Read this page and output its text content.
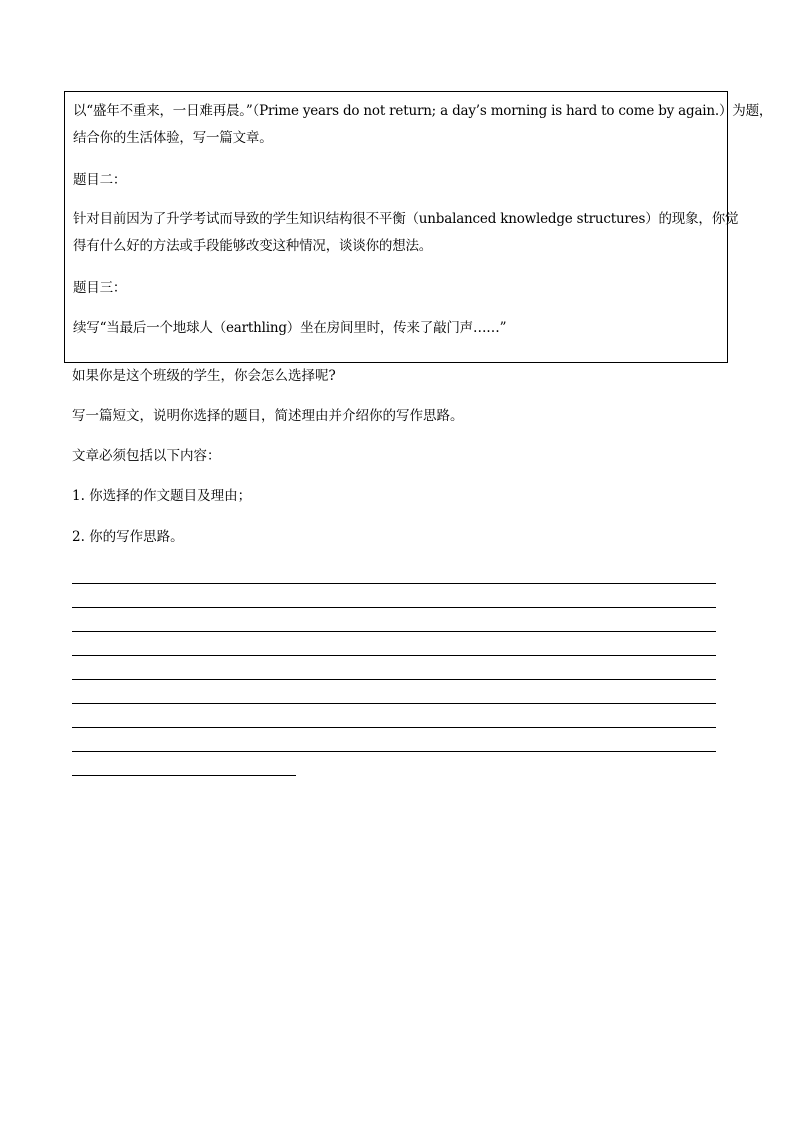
以“盛年不重来，一日难再晨。”（Prime years do not return; a day’s morning is hard to come by again.）为题，
结合你的生活体验，写一篇文章。
题目二：
针对目前因为了升学考试而导致的学生知识结构很不平衡（unbalanced knowledge structures）的现象，你觉
得有什么好的方法或手段能够改变这种情况，谈谈你的想法。
题目三：
续写“当最后一个地球人（earthling）坐在房间里时，传来了敲门声……”
如果你是这个班级的学生，你会怎么选择呢?
写一篇短文，说明你选择的题目，简述理由并介绍你的写作思路。
文章必须包括以下内容：
1. 你选择的作文题目及理由；
2. 你的写作思路。
